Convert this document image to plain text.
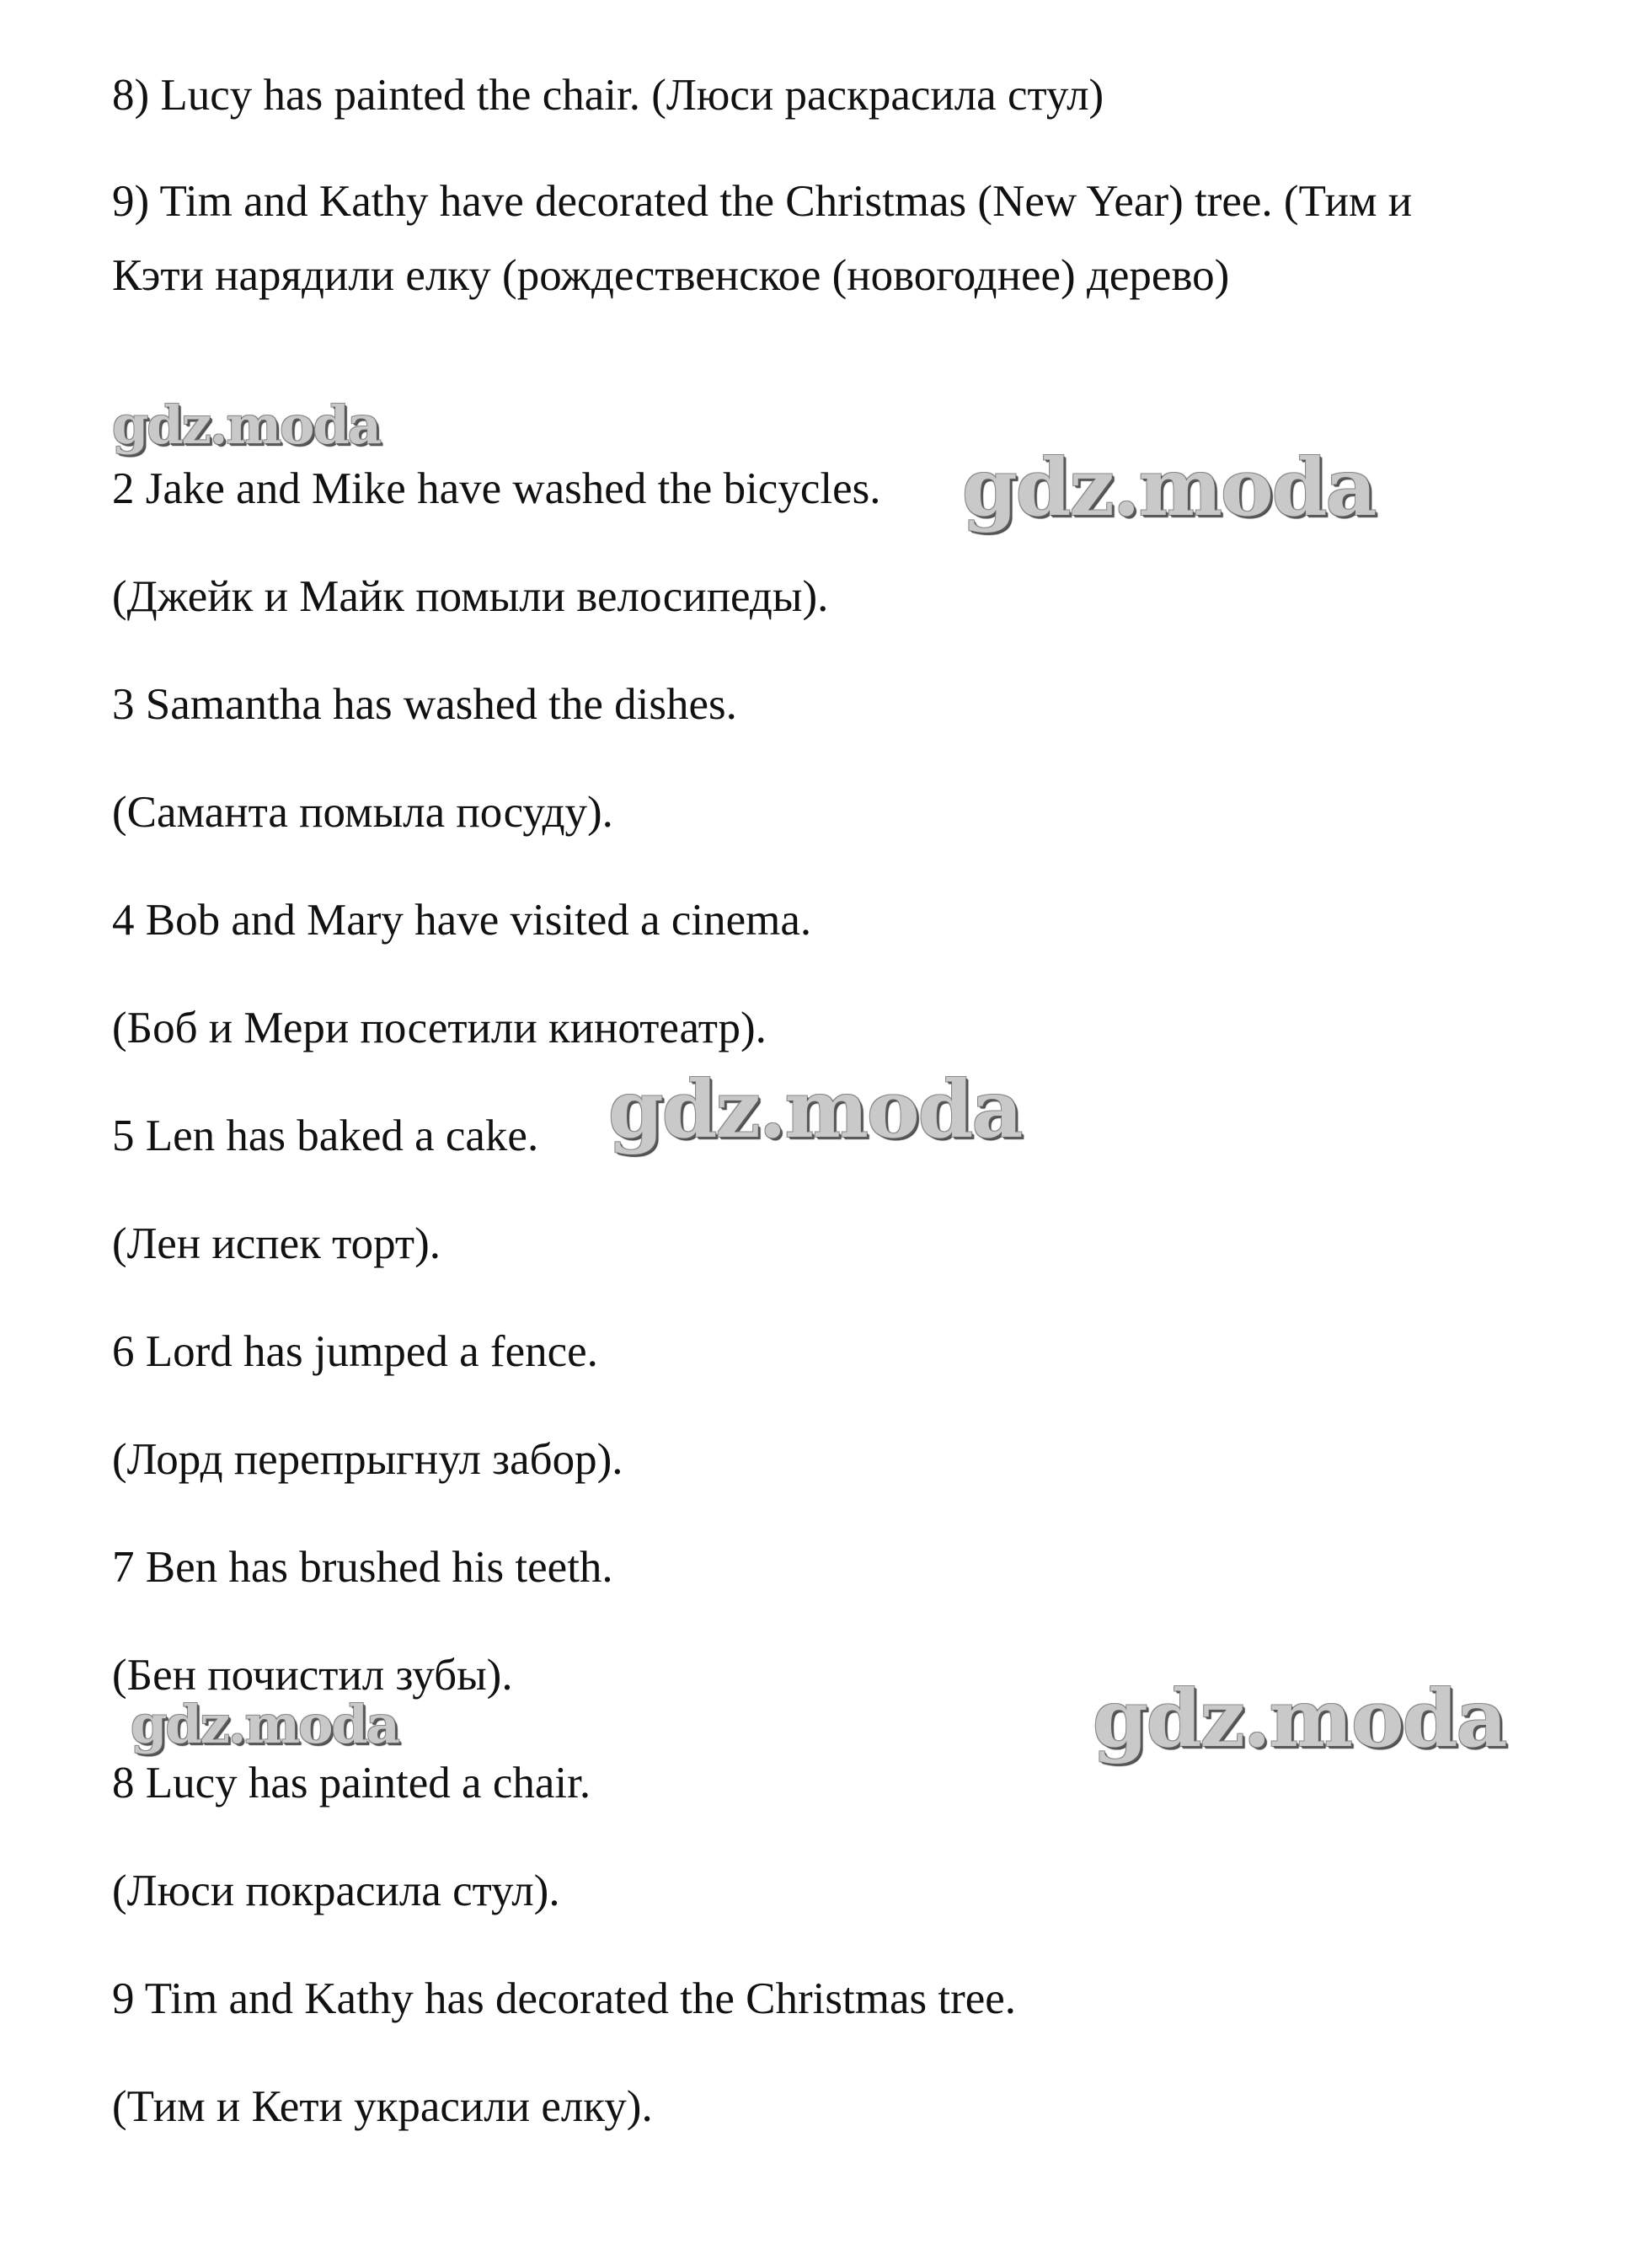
8) Lucy has painted the chair. (Люси раскрасила стул)
9) Tim and Kathy have decorated the Christmas (New Year) tree. (Тим и
Кэти нарядили елку (рождественское (новогоднее) дерево)
gdz.moda
2 Jake and Mike have washed the bicycles. gdz.moda
(Джейк и Майк помыли велосипеды).
3 Samantha has washed the dishes.
(Саманта помыла посуду).
4 Bob and Mary have visited a cinema.
(Боб и Мери посетили кинотеатр).
5 Len has baked a cake. gdz.moda
(Лен испек торт).
6 Lord has jumped a fence.
(Лорд перепрыгнул забор).
7 Ben has brushed his teeth.
(Бен почистил зубы).
gdz.moda	gdz.moda
8 Lucy has painted a chair.
(Люси покрасила стул).
9 Tim and Kathy has decorated the Christmas tree.
(Тим и Кети украсили елку).
